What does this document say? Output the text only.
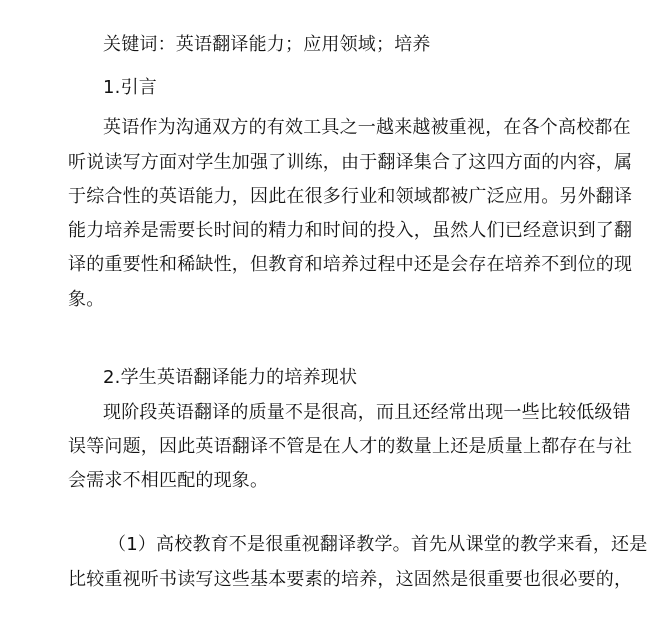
关键词：英语翻译能力；应用领域；培养
1.引言
英语作为沟通双方的有效工具之一越来越被重视，在各个高校都在
听说读写方面对学生加强了训练，由于翻译集合了这四方面的内容，属
于综合性的英语能力，因此在很多行业和领域都被广泛应用。另外翻译
能力培养是需要长时间的精力和时间的投入，虽然人们已经意识到了翻
译的重要性和稀缺性，但教育和培养过程中还是会存在培养不到位的现
象。
2.学生英语翻译能力的培养现状
现阶段英语翻译的质量不是很高，而且还经常出现一些比较低级错
误等问题，因此英语翻译不管是在人才的数量上还是质量上都存在与社
会需求不相匹配的现象。
（1）高校教育不是很重视翻译教学。首先从课堂的教学来看，还是
比较重视听书读写这些基本要素的培养，这固然是很重要也很必要的，
